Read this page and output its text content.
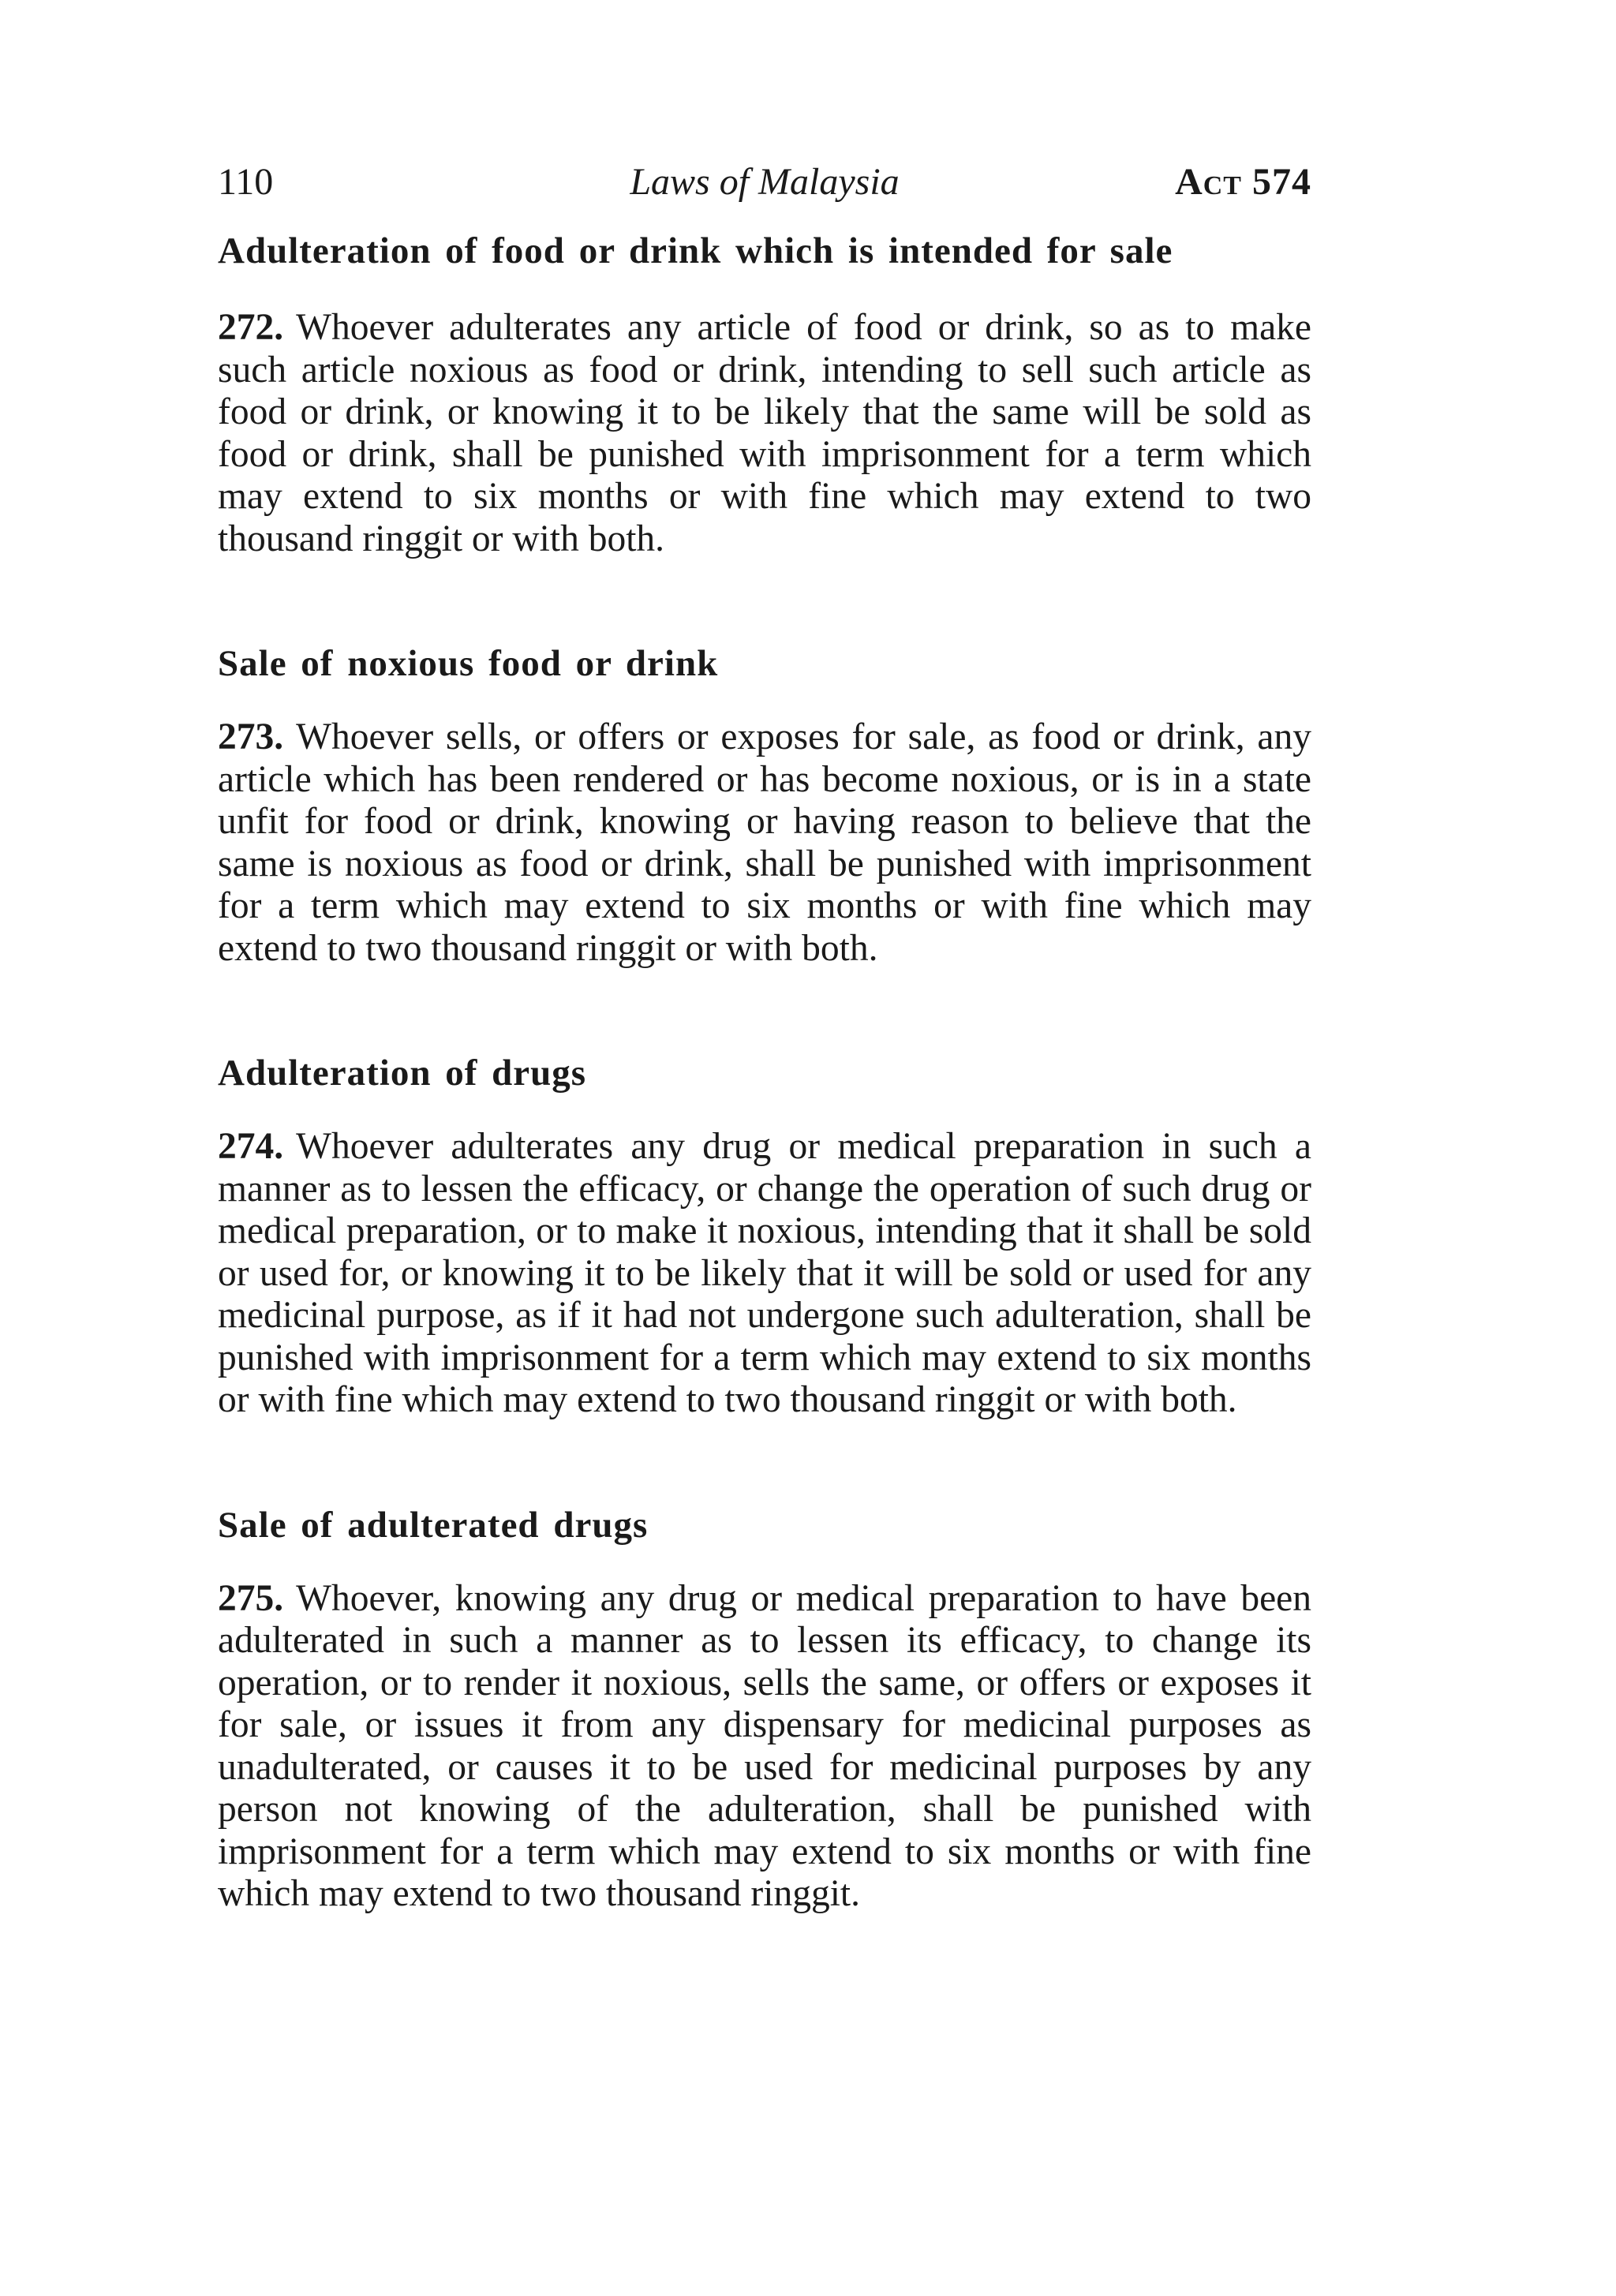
110	Laws of Malaysia	Act 574
Adulteration of food or drink which is intended for sale

272. Whoever adulterates any article of food or drink, so as to make such article noxious as food or drink, intending to sell such article as food or drink, or knowing it to be likely that the same will be sold as food or drink, shall be punished with imprisonment for a term which may extend to six months or with fine which may extend to two thousand ringgit or with both.

Sale of noxious food or drink

273. Whoever sells, or offers or exposes for sale, as food or drink, any article which has been rendered or has become noxious, or is in a state unfit for food or drink, knowing or having reason to believe that the same is noxious as food or drink, shall be punished with imprisonment for a term which may extend to six months or with fine which may extend to two thousand ringgit or with both.

Adulteration of drugs

274. Whoever adulterates any drug or medical preparation in such a manner as to lessen the efficacy, or change the operation of such drug or medical preparation, or to make it noxious, intending that it shall be sold or used for, or knowing it to be likely that it will be sold or used for any medicinal purpose, as if it had not undergone such adulteration, shall be punished with imprisonment for a term which may extend to six months or with fine which may extend to two thousand ringgit or with both.

Sale of adulterated drugs

275. Whoever, knowing any drug or medical preparation to have been adulterated in such a manner as to lessen its efficacy, to change its operation, or to render it noxious, sells the same, or offers or exposes it for sale, or issues it from any dispensary for medicinal purposes as unadulterated, or causes it to be used for medicinal purposes by any person not knowing of the adulteration, shall be punished with imprisonment for a term which may extend to six months or with fine which may extend to two thousand ringgit.
